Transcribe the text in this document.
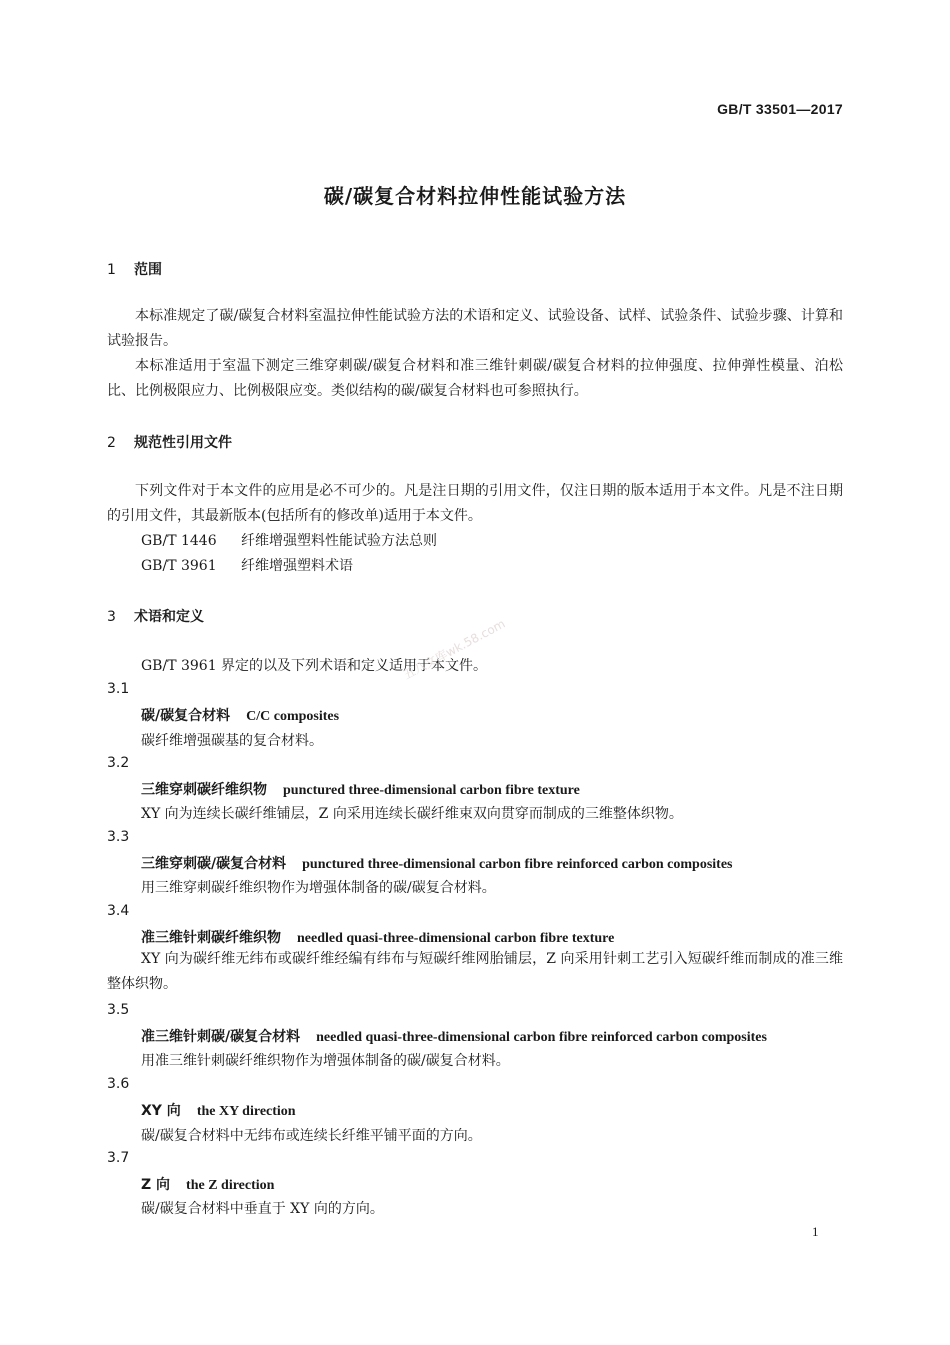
GB/T 33501—2017
碳/碳复合材料拉伸性能试验方法
1 范围
本标准规定了碳/碳复合材料室温拉伸性能试验方法的术语和定义、试验设备、试样、试验条件、试验步骤、计算和试验报告。
本标准适用于室温下测定三维穿刺碳/碳复合材料和准三维针刺碳/碳复合材料的拉伸强度、拉伸弹性模量、泊松比、比例极限应力、比例极限应变。类似结构的碳/碳复合材料也可参照执行。
2 规范性引用文件
下列文件对于本文件的应用是必不可少的。凡是注日期的引用文件，仅注日期的版本适用于本文件。凡是不注日期的引用文件，其最新版本(包括所有的修改单)适用于本文件。
GB/T 1446 纤维增强塑料性能试验方法总则
GB/T 3961 纤维增强塑料术语
3 术语和定义
GB/T 3961 界定的以及下列术语和定义适用于本文件。
五八文库wk.58.com
3.1
碳/碳复合材料 C/C composites
碳纤维增强碳基的复合材料。
3.2
三维穿刺碳纤维织物 punctured three-dimensional carbon fibre texture
XY 向为连续长碳纤维铺层，Z 向采用连续长碳纤维束双向贯穿而制成的三维整体织物。
3.3
三维穿刺碳/碳复合材料 punctured three-dimensional carbon fibre reinforced carbon composites
用三维穿刺碳纤维织物作为增强体制备的碳/碳复合材料。
3.4
准三维针刺碳纤维织物 needled quasi-three-dimensional carbon fibre texture
XY 向为碳纤维无纬布或碳纤维经编有纬布与短碳纤维网胎铺层，Z 向采用针刺工艺引入短碳纤维而制成的准三维整体织物。
3.5
准三维针刺碳/碳复合材料 needled quasi-three-dimensional carbon fibre reinforced carbon composites
用准三维针刺碳纤维织物作为增强体制备的碳/碳复合材料。
3.6
XY 向 the XY direction
碳/碳复合材料中无纬布或连续长纤维平铺平面的方向。
3.7
Z 向 the Z direction
碳/碳复合材料中垂直于 XY 向的方向。
1
